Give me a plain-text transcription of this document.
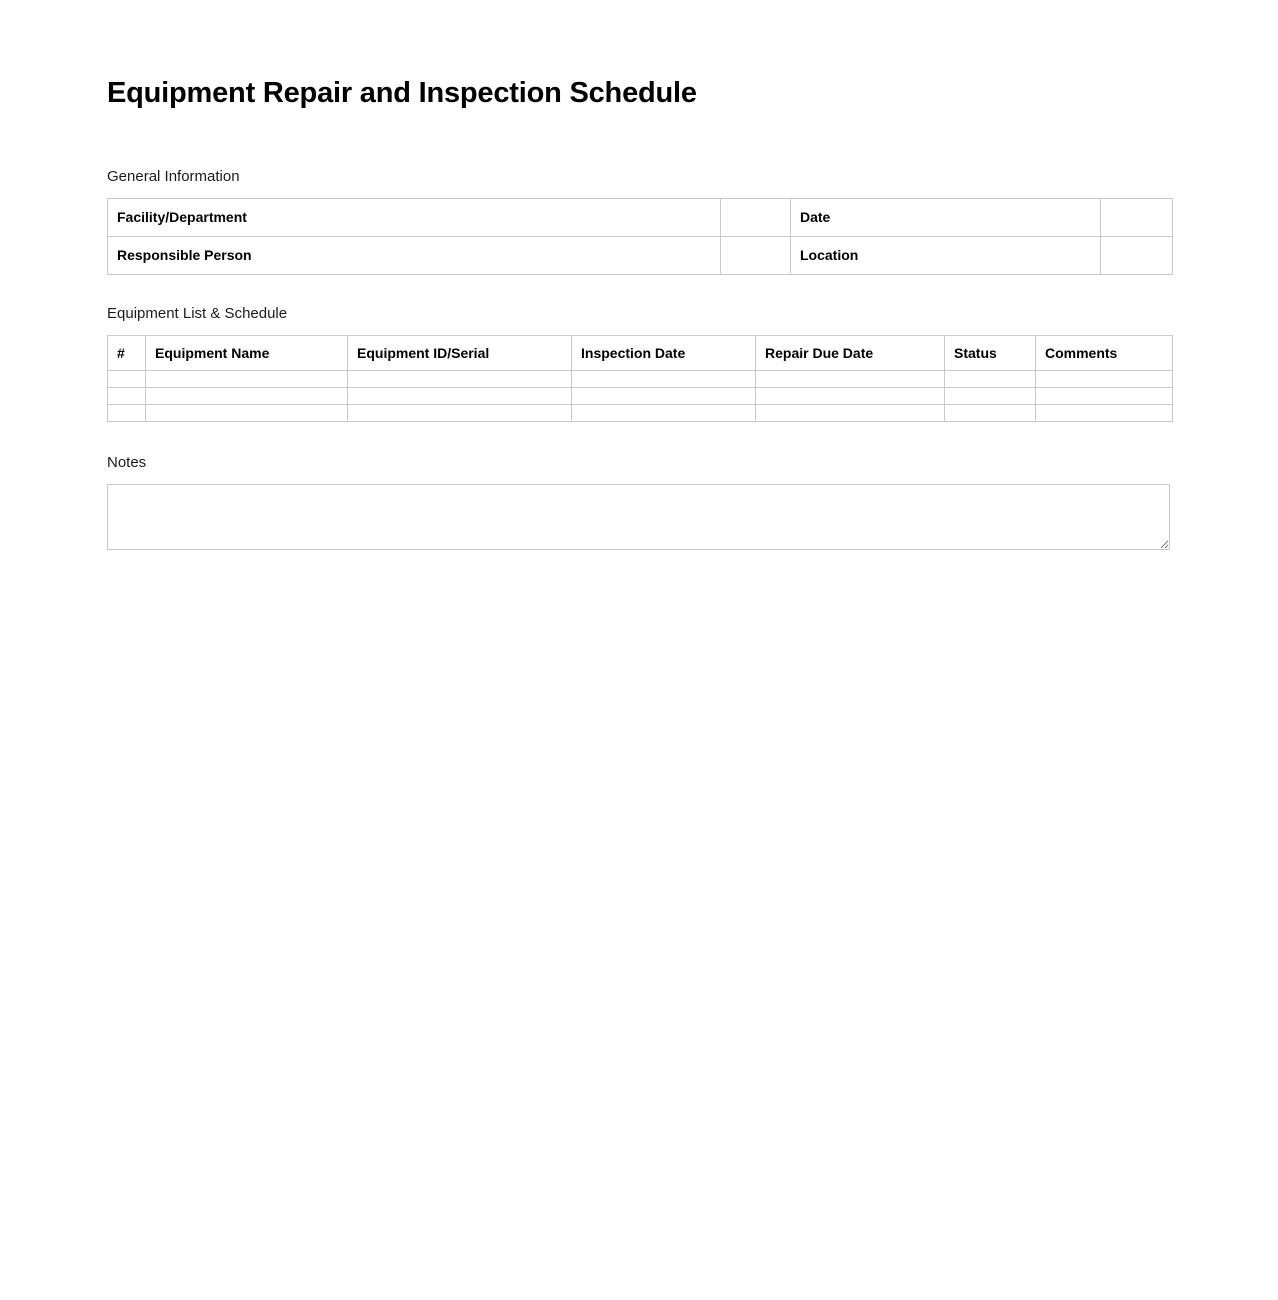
Equipment Repair and Inspection Schedule
General Information
Facility/Department		Date	
Responsible Person		Location	
Equipment List & Schedule
#	Equipment Name	Equipment ID/Serial	Inspection Date	Repair Due Date	Status	Comments

Notes
